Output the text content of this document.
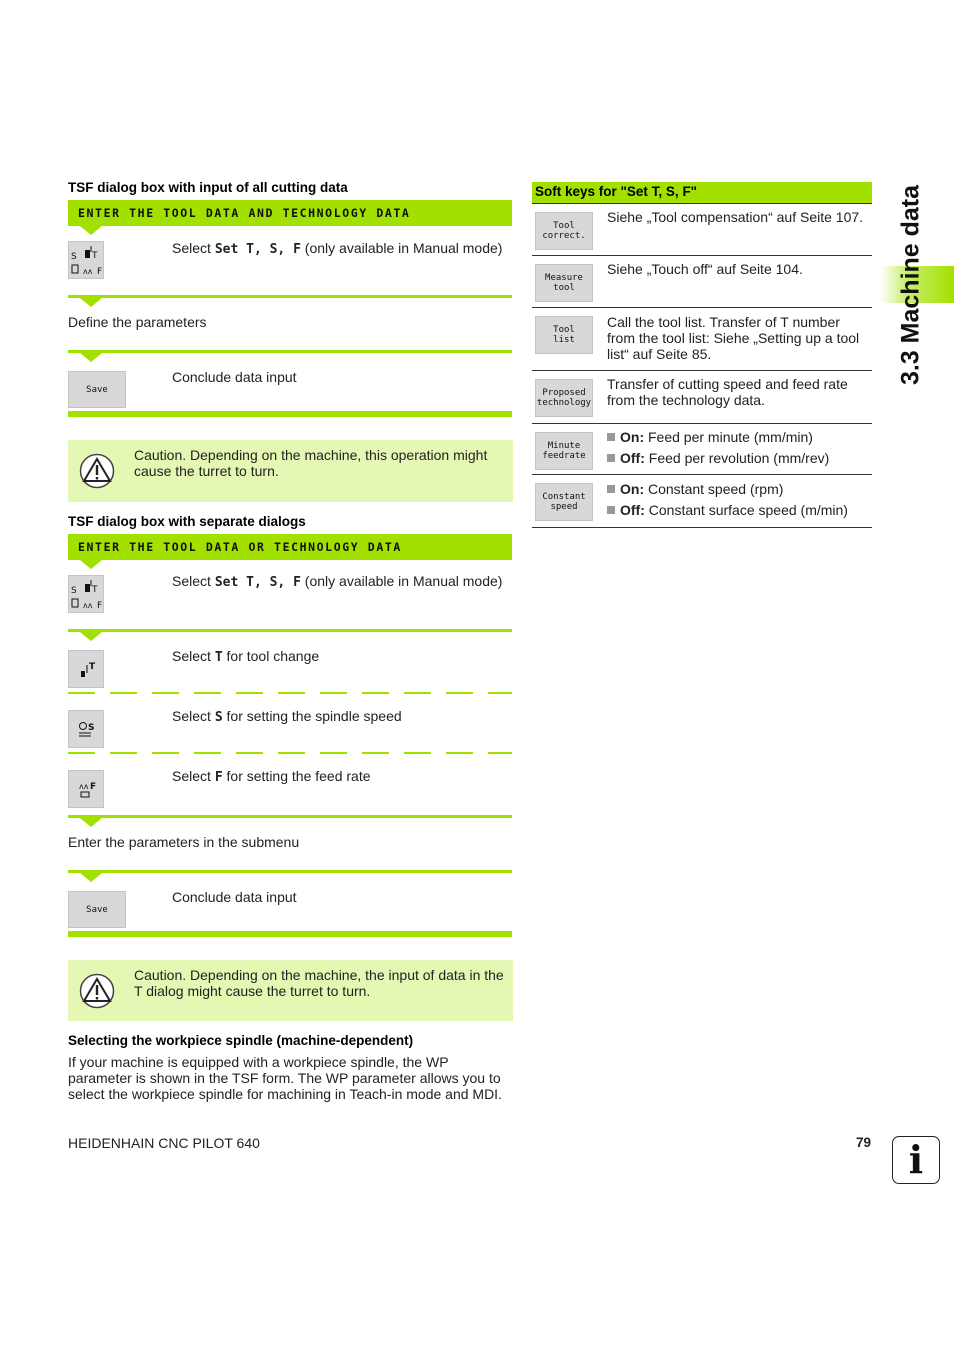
TSF dialog box with input of all cutting data
ENTER THE TOOL DATA AND TECHNOLOGY DATA
S T
ᴧᴧ F
Select Set T, S, F (only available in Manual mode)
Define the parameters
Save
Conclude data input
Caution. Depending on the machine, this operation might cause the turret to turn.
TSF dialog box with separate dialogs
ENTER THE TOOL DATA OR TECHNOLOGY DATA
S T
ᴧᴧ F
Select Set T, S, F (only available in Manual mode)
T
Select T for tool change
S
Select S for setting the spindle speed
ᴧᴧ F
Select F for setting the feed rate
Enter the parameters in the submenu
Save
Conclude data input
Caution. Depending on the machine, the input of data in the T dialog might cause the turret to turn.
Selecting the workpiece spindle (machine-dependent)
If your machine is equipped with a workpiece spindle, the WP parameter is shown in the TSF form. The WP parameter allows you to select the workpiece spindle for machining in Teach-in mode and MDI.
Soft keys for "Set T, S, F"
Tool
correct.
Siehe „Tool compensation“ auf Seite 107.
Measure
tool
Siehe „Touch off“ auf Seite 104.
Tool
list
Call the tool list. Transfer of T number from the tool list: Siehe „Setting up a tool list“ auf Seite 85.
Proposed
technology
Transfer of cutting speed and feed rate from the technology data.
Minute
feedrate
On: Feed per minute (mm/min)
Off: Feed per revolution (mm/rev)
Constant
speed
On: Constant speed (rpm)
Off: Constant surface speed (m/min)
3.3 Machine data
HEIDENHAIN CNC PILOT 640	79 i
